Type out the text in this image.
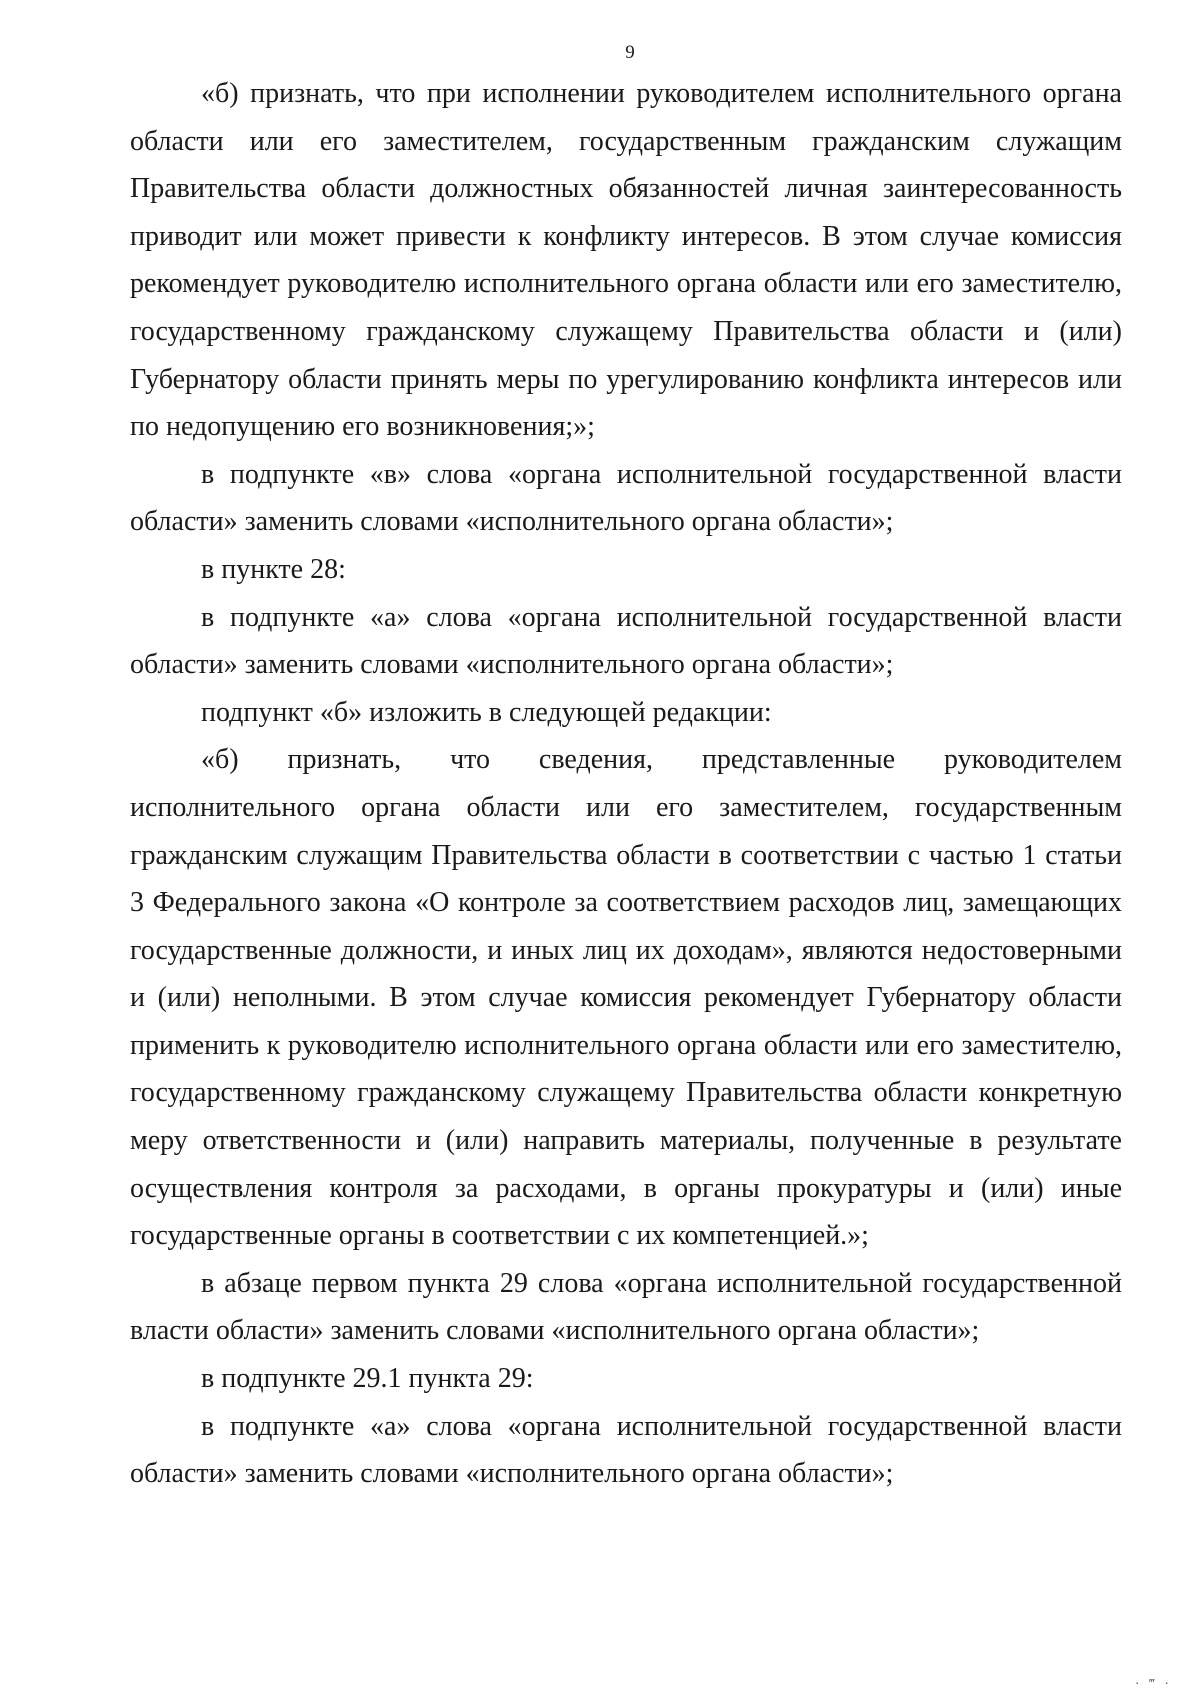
9

«б) признать, что при исполнении руководителем исполнительного органа области или его заместителем, государственным гражданским служащим Правительства области должностных обязанностей личная заинтересованность приводит или может привести к конфликту интересов. В этом случае комиссия рекомендует руководителю исполнительного органа области или его заместителю, государственному гражданскому служащему Правительства области и (или) Губернатору области принять меры по урегулированию конфликта интересов или по недопущению его возникновения;»;

в подпункте «в» слова «органа исполнительной государственной власти области» заменить словами «исполнительного органа области»;

в пункте 28:

в подпункте «а» слова «органа исполнительной государственной власти области» заменить словами «исполнительного органа области»;

подпункт «б» изложить в следующей редакции:

«б) признать, что сведения, представленные руководителем исполнительного органа области или его заместителем, государственным гражданским служащим Правительства области в соответствии с частью 1 статьи 3 Федерального закона «О контроле за соответствием расходов лиц, замещающих государственные должности, и иных лиц их доходам», являются недостоверными и (или) неполными. В этом случае комиссия рекомендует Губернатору области применить к руководителю исполнительного органа области или его заместителю, государственному гражданскому служащему Правительства области конкретную меру ответственности и (или) направить материалы, полученные в результате осуществления контроля за расходами, в органы прокуратуры и (или) иные государственные органы в соответствии с их компетенцией.»;

в абзаце первом пункта 29 слова «органа исполнительной государственной власти области» заменить словами «исполнительного органа области»;

в подпункте 29.1 пункта 29:

в подпункте «а» слова «органа исполнительной государственной власти области» заменить словами «исполнительного органа области»;

· ‴ ·
